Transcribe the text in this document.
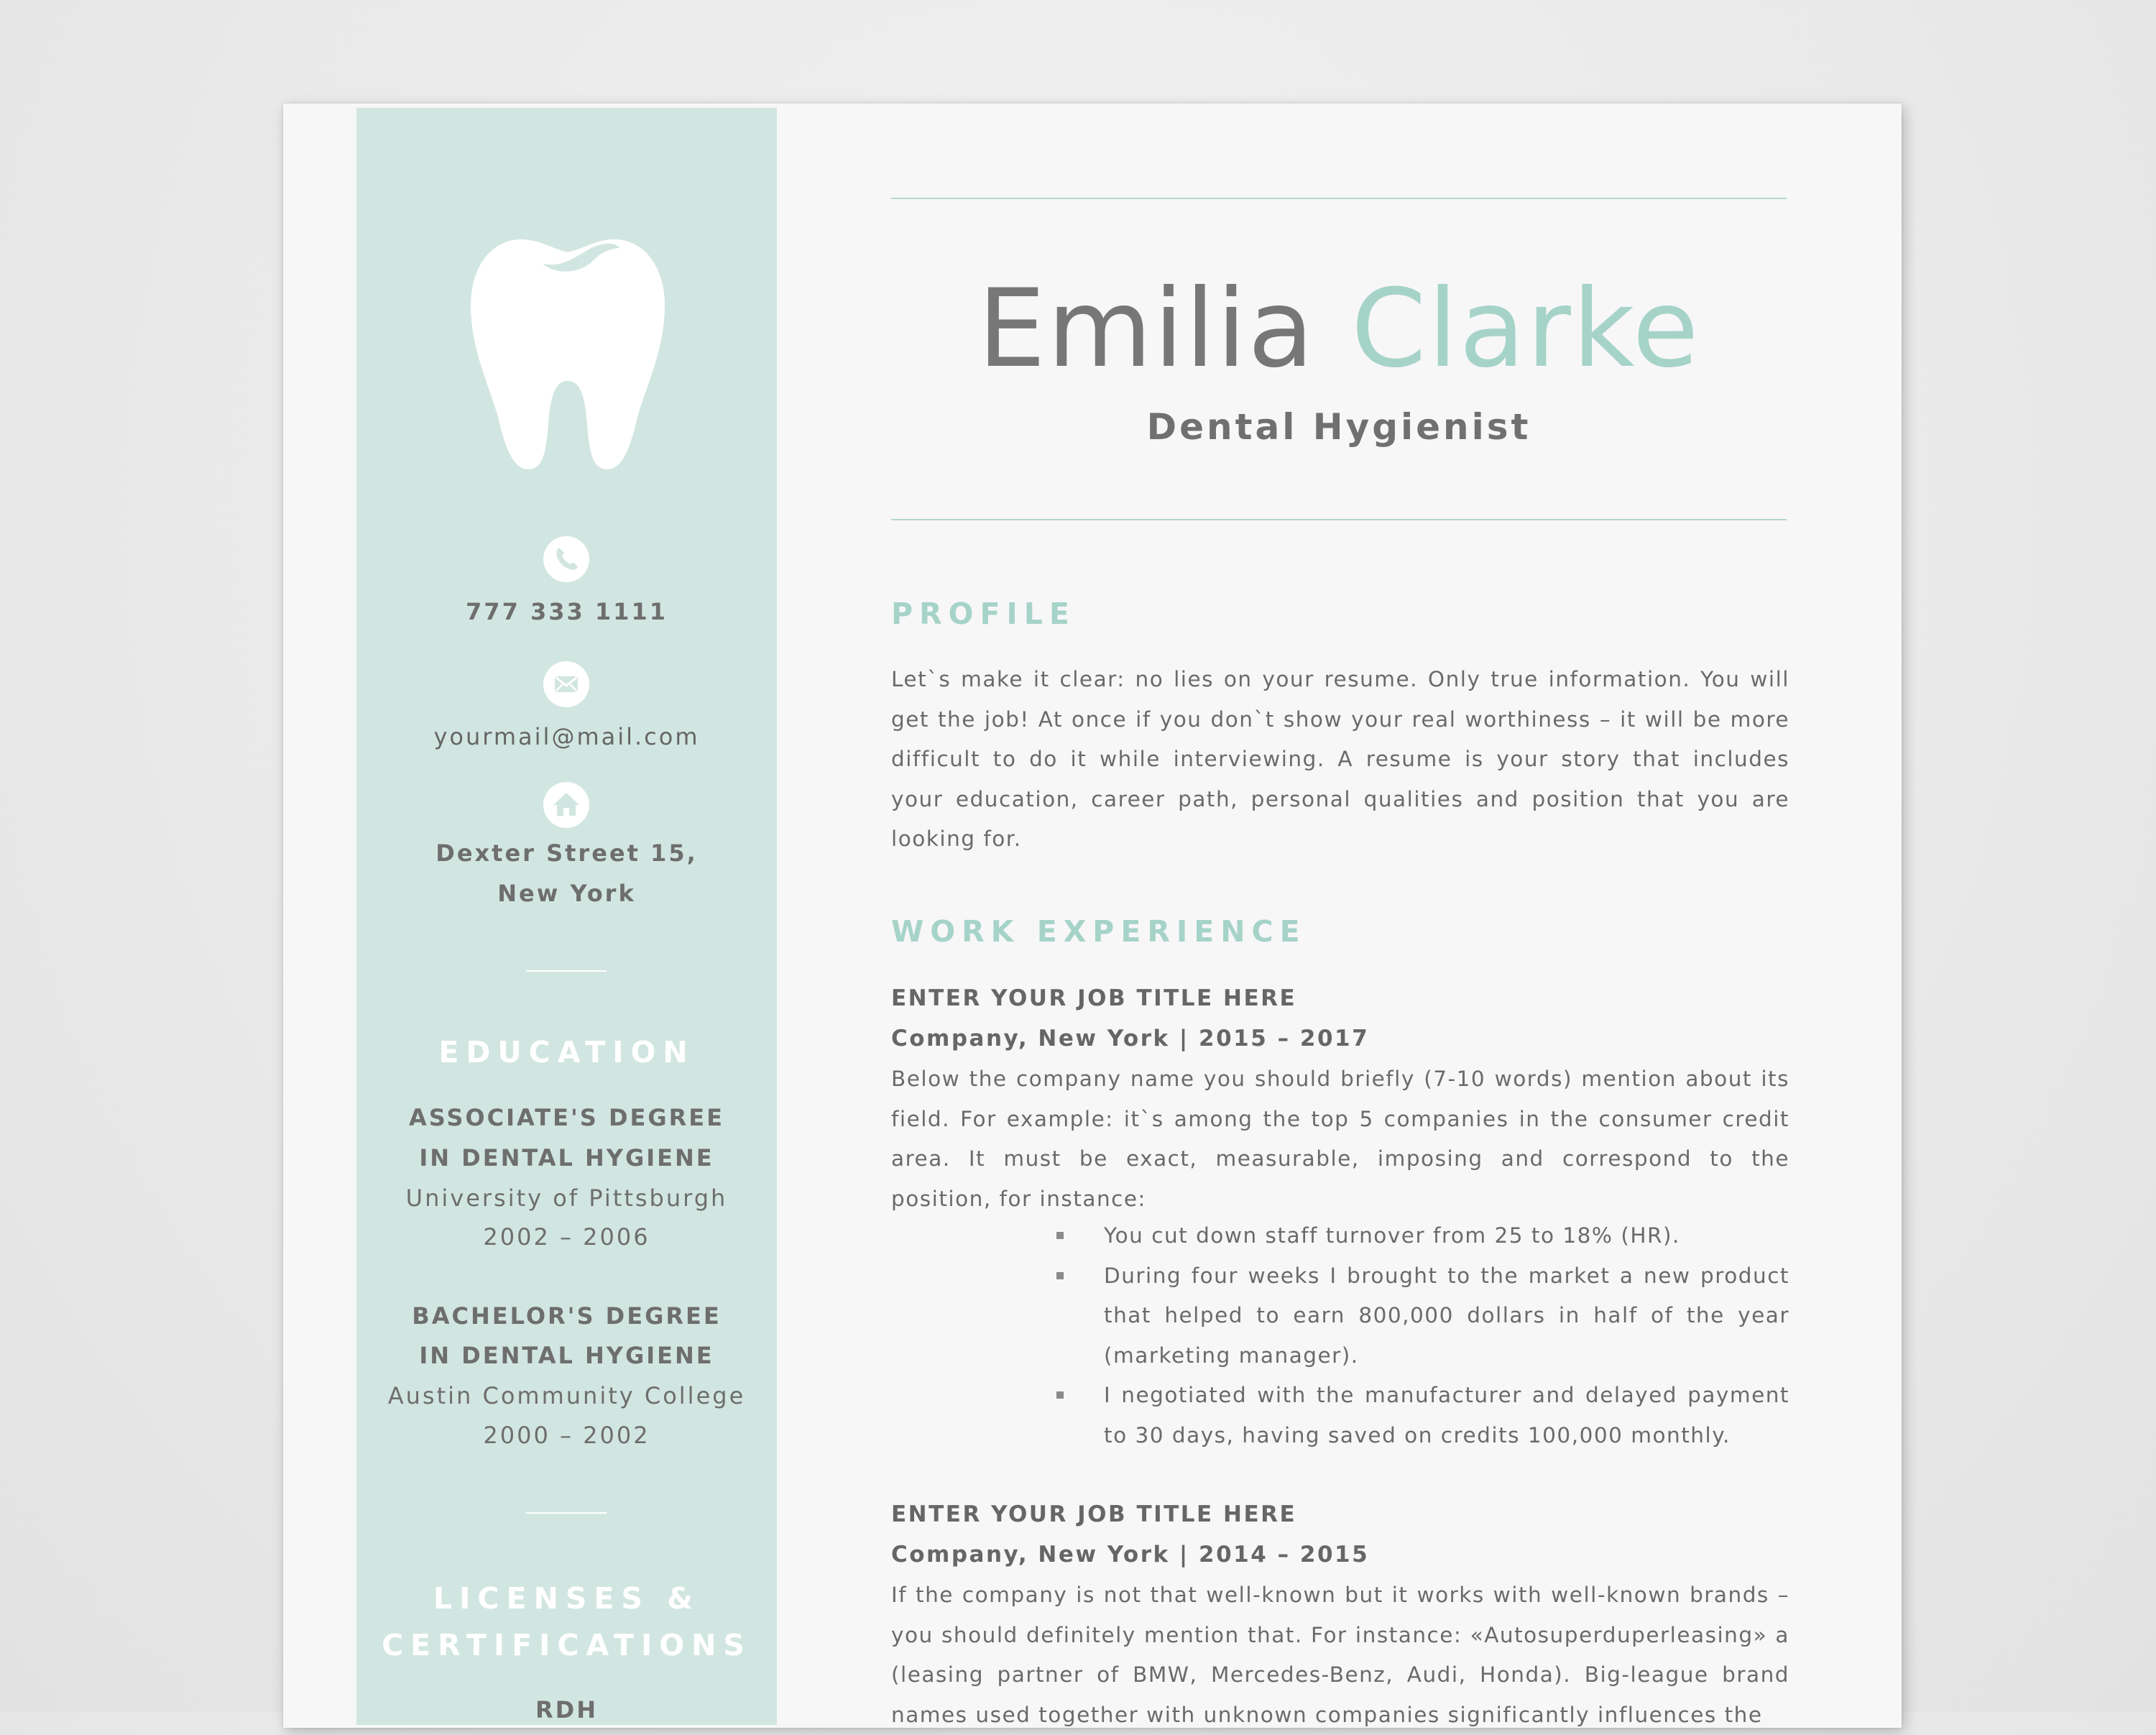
777 333 1111

yourmail@mail.com

Dexter Street 15,

New York

EDUCATION

ASSOCIATE'S DEGREE

IN DENTAL HYGIENE

University of Pittsburgh

2002 – 2006

BACHELOR'S DEGREE

IN DENTAL HYGIENE

Austin Community College

2000 – 2002

LICENSES &

CERTIFICATIONS

RDH

Emilia Clarke

Dental Hygienist

PROFILE

Let`s make it clear: no lies on your resume. Only true information. You will get the job! At once if you don`t show your real worthiness – it will be more difficult to do it while interviewing. A resume is your story that includes your education, career path, personal qualities and position that you are looking for.

WORK EXPERIENCE

ENTER YOUR JOB TITLE HERE

Company, New York | 2015 – 2017

Below the company name you should briefly (7-10 words) mention about its field. For example: it`s among the top 5 companies in the consumer credit area. It must be exact, measurable, imposing and correspond to the position, for instance:

You cut down staff turnover from 25 to 18% (HR).
During four weeks I brought to the market a new product that helped to earn 800,000 dollars in half of the year (marketing manager).
I negotiated with the manufacturer and delayed payment to 30 days, having saved on credits 100,000 monthly.

ENTER YOUR JOB TITLE HERE

Company, New York | 2014 – 2015

If the company is not that well-known but it works with well-known brands – you should definitely mention that. For instance: «Autosuperduperleasing» a (leasing partner of BMW, Mercedes-Benz, Audi, Honda). Big-league brand names used together with unknown companies significantly influences the
